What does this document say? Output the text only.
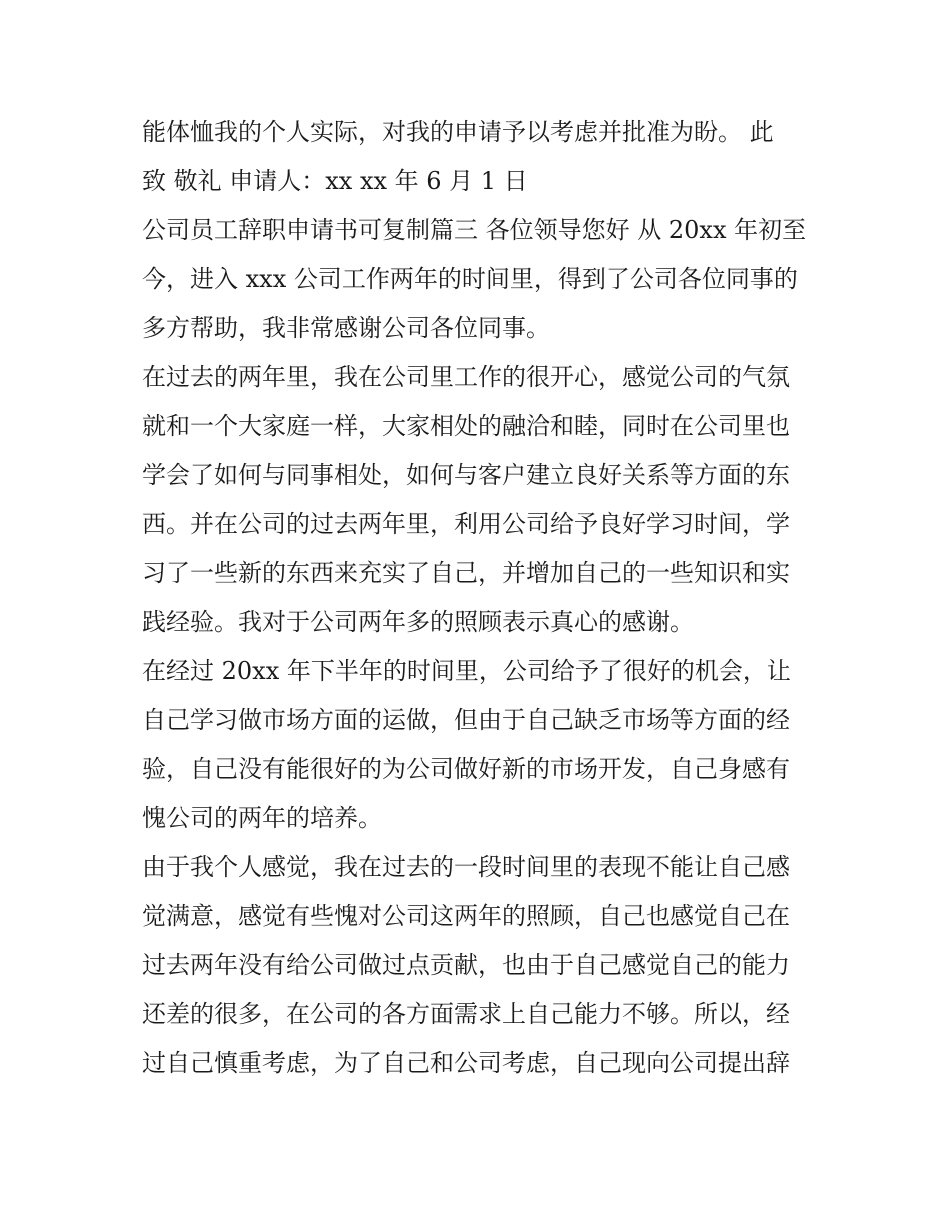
能体恤我的个人实际，对我的申请予以考虑并批准为盼。 此
致 敬礼 申请人：xx xx 年 6 月 1 日

公司员工辞职申请书可复制篇三 各位领导您好 从 20xx 年初至
今，进入 xxx 公司工作两年的时间里，得到了公司各位同事的
多方帮助，我非常感谢公司各位同事。

在过去的两年里，我在公司里工作的很开心，感觉公司的气氛
就和一个大家庭一样，大家相处的融洽和睦，同时在公司里也
学会了如何与同事相处，如何与客户建立良好关系等方面的东
西。并在公司的过去两年里，利用公司给予良好学习时间，学
习了一些新的东西来充实了自己，并增加自己的一些知识和实
践经验。我对于公司两年多的照顾表示真心的感谢。

在经过 20xx 年下半年的时间里，公司给予了很好的机会，让
自己学习做市场方面的运做，但由于自己缺乏市场等方面的经
验，自己没有能很好的为公司做好新的市场开发，自己身感有
愧公司的两年的培养。

由于我个人感觉，我在过去的一段时间里的表现不能让自己感
觉满意，感觉有些愧对公司这两年的照顾，自己也感觉自己在
过去两年没有给公司做过点贡献，也由于自己感觉自己的能力
还差的很多，在公司的各方面需求上自己能力不够。所以，经
过自己慎重考虑，为了自己和公司考虑，自己现向公司提出辞
